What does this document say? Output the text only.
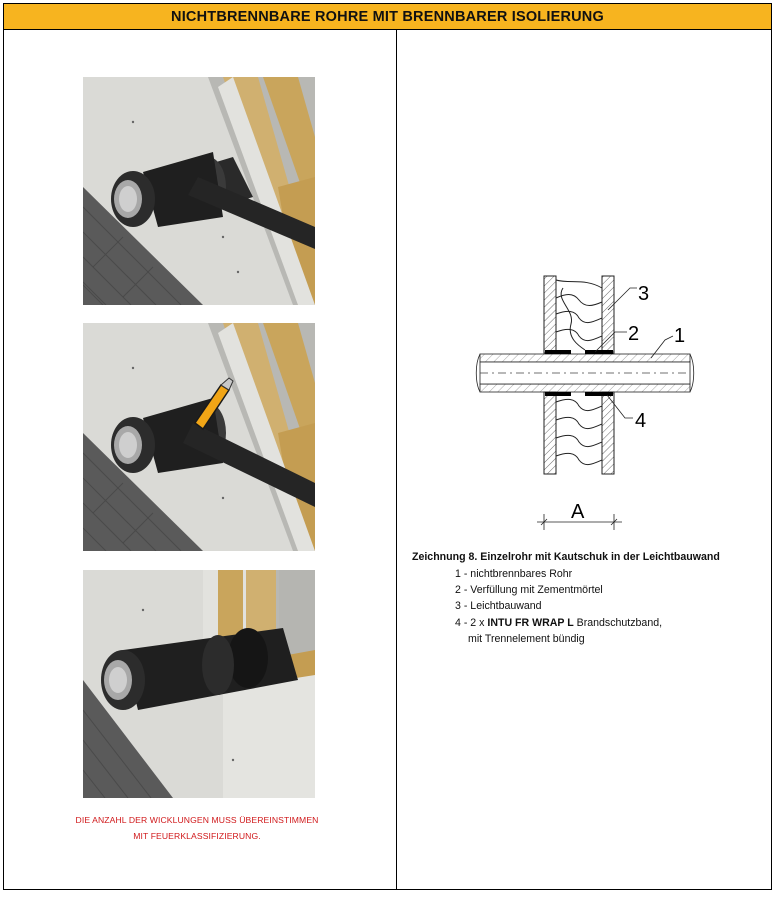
NICHTBRENNBARE ROHRE MIT BRENNBARER ISOLIERUNG
DIE ANZAHL DER WICKLUNGEN MUSS ÜBEREINSTIMMEN
MIT FEUERKLASSIFIZIERUNG.
3
2 1
4
A
Zeichnung 8. Einzelrohr mit Kautschuk in der Leichtbauwand
1 - nichtbrennbares Rohr
2 - Verfüllung mit Zementmörtel
3 - Leichtbauwand
4 - 2 x INTU FR WRAP L Brandschutzband,
mit Trennelement bündig
